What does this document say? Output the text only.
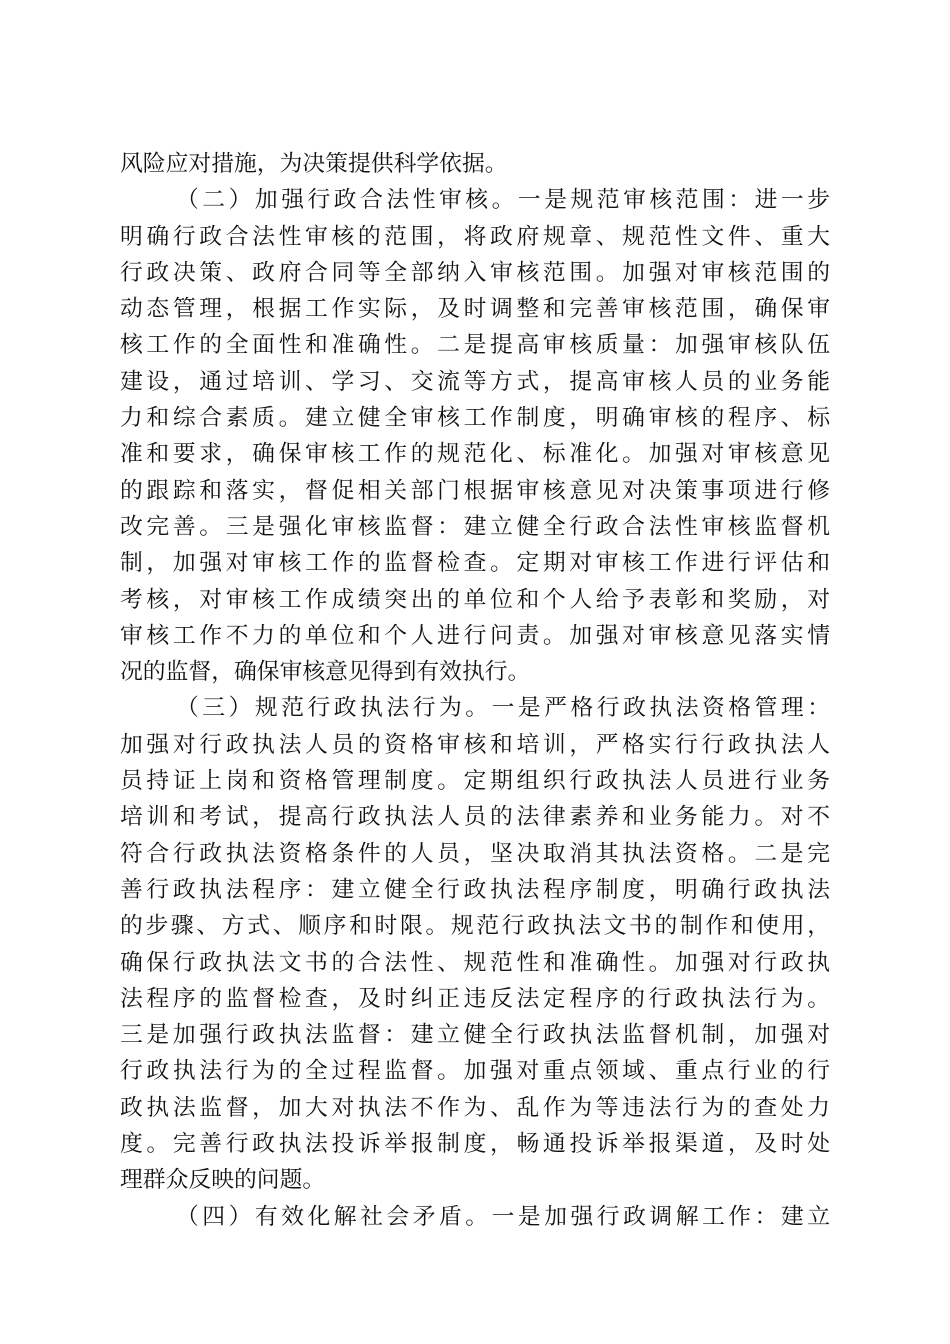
风险应对措施，为决策提供科学依据。
（二）加强行政合法性审核。一是规范审核范围：进一步
明确行政合法性审核的范围，将政府规章、规范性文件、重大
行政决策、政府合同等全部纳入审核范围。加强对审核范围的
动态管理，根据工作实际，及时调整和完善审核范围，确保审
核工作的全面性和准确性。二是提高审核质量：加强审核队伍
建设，通过培训、学习、交流等方式，提高审核人员的业务能
力和综合素质。建立健全审核工作制度，明确审核的程序、标
准和要求，确保审核工作的规范化、标准化。加强对审核意见
的跟踪和落实，督促相关部门根据审核意见对决策事项进行修
改完善。三是强化审核监督：建立健全行政合法性审核监督机
制，加强对审核工作的监督检查。定期对审核工作进行评估和
考核，对审核工作成绩突出的单位和个人给予表彰和奖励，对
审核工作不力的单位和个人进行问责。加强对审核意见落实情
况的监督，确保审核意见得到有效执行。
（三）规范行政执法行为。一是严格行政执法资格管理：
加强对行政执法人员的资格审核和培训，严格实行行政执法人
员持证上岗和资格管理制度。定期组织行政执法人员进行业务
培训和考试，提高行政执法人员的法律素养和业务能力。对不
符合行政执法资格条件的人员，坚决取消其执法资格。二是完
善行政执法程序：建立健全行政执法程序制度，明确行政执法
的步骤、方式、顺序和时限。规范行政执法文书的制作和使用，
确保行政执法文书的合法性、规范性和准确性。加强对行政执
法程序的监督检查，及时纠正违反法定程序的行政执法行为。
三是加强行政执法监督：建立健全行政执法监督机制，加强对
行政执法行为的全过程监督。加强对重点领域、重点行业的行
政执法监督，加大对执法不作为、乱作为等违法行为的查处力
度。完善行政执法投诉举报制度，畅通投诉举报渠道，及时处
理群众反映的问题。
（四）有效化解社会矛盾。一是加强行政调解工作：建立
